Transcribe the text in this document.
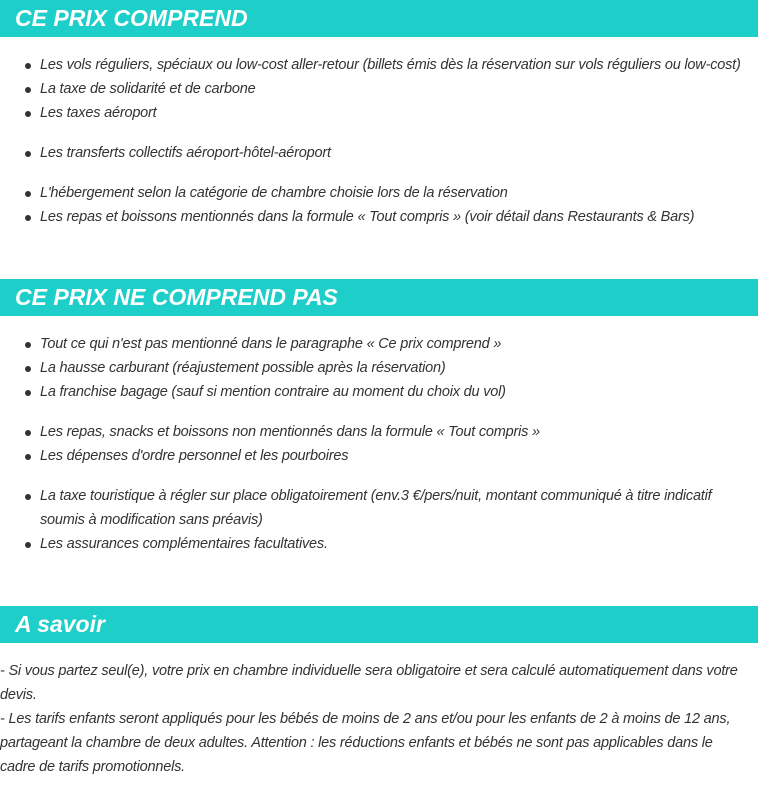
CE PRIX COMPREND
Les vols réguliers, spéciaux ou low-cost aller-retour (billets émis dès la réservation sur vols réguliers ou low-cost)
La taxe de solidarité et de carbone
Les taxes aéroport
Les transferts collectifs aéroport-hôtel-aéroport
L'hébergement selon la catégorie de chambre choisie lors de la réservation
Les repas et boissons mentionnés dans la formule « Tout compris » (voir détail dans Restaurants & Bars)
CE PRIX NE COMPREND PAS
Tout ce qui n'est pas mentionné dans le paragraphe « Ce prix comprend »
La hausse carburant (réajustement possible après la réservation)
La franchise bagage (sauf si mention contraire au moment du choix du vol)
Les repas, snacks et boissons non mentionnés dans la formule « Tout compris »
Les dépenses d'ordre personnel et les pourboires
La taxe touristique à régler sur place obligatoirement (env.3 €/pers/nuit, montant communiqué à titre indicatif soumis à modification sans préavis)
Les assurances complémentaires facultatives.
A savoir
- Si vous partez seul(e), votre prix en chambre individuelle sera obligatoire et sera calculé automatiquement dans votre devis.
- Les tarifs enfants seront appliqués pour les bébés de moins de 2 ans et/ou pour les enfants de 2 à moins de 12 ans, partageant la chambre de deux adultes. Attention : les réductions enfants et bébés ne sont pas applicables dans le cadre de tarifs promotionnels.
